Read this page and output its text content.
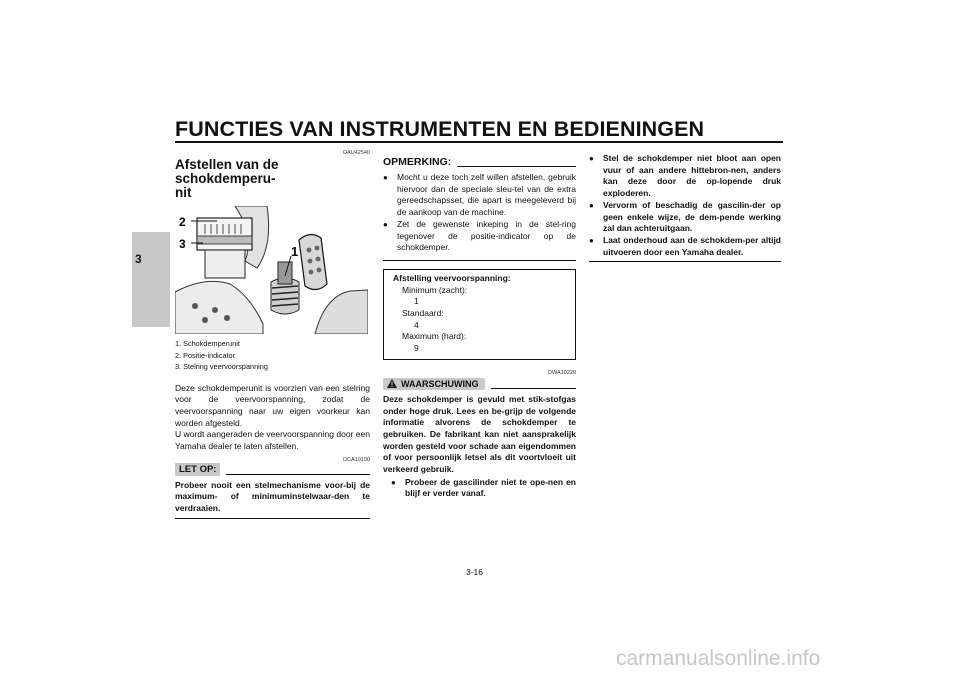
FUNCTIES VAN INSTRUMENTEN EN BEDIENINGEN
3
DAU42540
Afstellen van de schokdemperu-
nit
2
3	1
1. Schokdemperunit
2. Positie-indicator
3. Stelring veervoorspanning

Deze schokdemperunit is voorzien van een stelring voor de veervoorspanning, zodat de veervoorspanning naar uw eigen voorkeur kan worden afgesteld.

U wordt aangeraden de veervoorspanning door een Yamaha dealer te laten afstellen.

DCA10100
LET OP:
Probeer nooit een stelmechanisme voor-bij de maximum- of minimuminstelwaar-den te verdraaien.
OPMERKING:
● Mocht u deze toch zelf willen afstellen, gebruik hiervoor dan de speciale sleu-tel van de extra gereedschapsset, die apart is meegeleverd bij de aankoop van de machine.
● Zet de gewenste inkeping in de stel-ring tegenover de positie-indicator op de schokdemper.
Afstelling veervoorspanning:
Minimum (zacht):
1
Standaard:
4
Maximum (hard):
9
DWA10220
WAARSCHUWING
Deze schokdemper is gevuld met stik-stofgas onder hoge druk. Lees en be-grijp de volgende informatie alvorens de schokdemper te gebruiken. De fabrikant kan niet aansprakelijk worden gesteld voor schade aan eigendommen of voor persoonlijk letsel als dit voortvloeit uit verkeerd gebruik.
● Probeer de gascilinder niet te ope-nen en blijf er verder vanaf.
● Stel de schokdemper niet bloot aan open vuur of aan andere hittebron-nen, anders kan deze door de op-lopende druk exploderen.
● Vervorm of beschadig de gascilin-der op geen enkele wijze, de dem-pende werking zal dan achteruitgaan.
● Laat onderhoud aan de schokdem-per altijd uitvoeren door een Yamaha dealer.
3-16
carmanualsonline.info
